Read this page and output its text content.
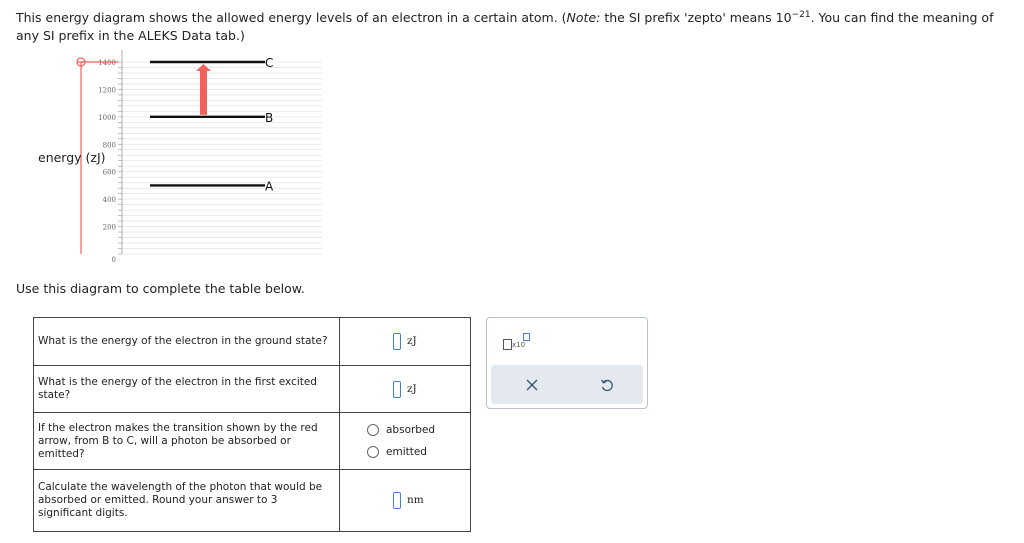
This energy diagram shows the allowed energy levels of an electron in a certain atom. (Note: the SI prefix 'zepto' means $10^{-21}$. You can find the meaning of any SI prefix in the ALEKS Data tab.)
0
200
400
600
800
1000
1200
1400
A
B
C
energy (zJ)
Use this diagram to complete the table below.
What is the energy of the electron in the ground state?	zJ

What is the energy of the electron in the first excited state?	zJ

If the electron makes the transition shown by the red arrow, from B to C, will a photon be absorbed or emitted?	absorbed
emitted

Calculate the wavelength of the photon that would be absorbed or emitted. Round your answer to 3 significant digits.	nm
x10
